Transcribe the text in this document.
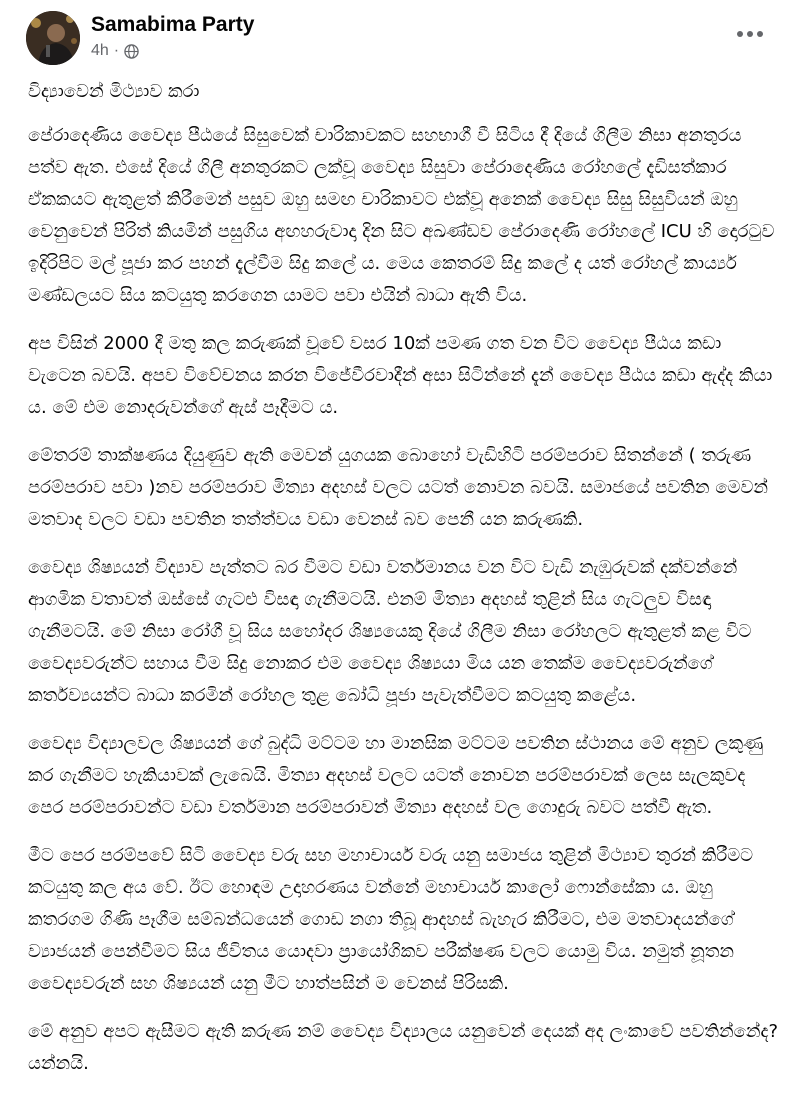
Samabima Party
4h ·

විද්‍යාවෙන් මිථ්‍යාව කරා

පේරාදෙණිය වෛද්‍ය පීඨයේ සිසුවෙක් චාරිකාවකට සහභාගී වී සිටිය දී දියේ ගිලීම නිසා අනතුරය පත්ව ඇත. එසේ දියේ ගිලී අනතුරකට ලක්වූ වෛද්‍ය සිසුවා පේරාදෙණිය රෝහලේ දැඩිසත්කාර ඒකකයට ඇතුළත් කිරීමෙන් පසුව ඔහු සමඟ චාරිකාවට එක්වූ අනෙක් වෛද්‍ය සිසු සිසුවියන් ඔහු වෙනුවෙන් පිරිත් කියමින් පසුගිය අඟහරුවාදා දින සිට අඛණ්ඩව පේරාදෙණි රෝහලේ ICU හි දොරටුව ඉදිරිපිට මල් පූජා කර පහන් දැල්වීම සිදු කලේ ය. මෙය කෙතරම් සිදු කලේ ද යත් රෝහල් කාර්ය්‍ය මණ්ඩලයට සිය කටයුතු කරගෙන යාමට පවා එයින් බාධා ඇති විය.

අප විසින් 2000 දී මතු කල කරුණක් වූවේ වසර 10ක් පමණ ගත වන විට වෛද්‍ය පීඨය කඩා වැටෙන බවයි. අපව විවේචනය කරන විජේවීරවාදීන් අසා සිටින්නේ දැන් වෛද්‍ය පීඨය කඩා ඇද්ද කියා ය. මේ එම නොදරුවන්ගේ ඇස් පෑදීමට ය.

මේතරම් තාක්ෂණය දියුණුව ඇති මෙවන් යුගයක බොහෝ වැඩිහිටි පරම්පරාව සිතන්නේ ( තරුණ පරම්පරාව පවා )නව පරම්පරාව මිත්‍යා අදහස් වලට යටත් නොවන බවයි. සමාජයේ පවතින මෙවන් මතවාද වලට වඩා පවතින තත්ත්වය වඩා වෙනස් බව පෙනී යන කරුණකි.

වෛද්‍ය ශිෂ්‍යයන් විද්‍යාව පැත්තට බර වීමට වඩා වර්තමානය වන විට වැඩි නැඹුරුවක් දක්වන්නේ ආගමික වතාවත් ඔස්සේ ගැටළු විසඳා ගැනීමටයි. එනම් මිත්‍යා අදහස් තුළින් සිය ගැටලුව විසඳා ගැනීමටයි. මේ නිසා රෝගී වූ සිය සහෝදර ශිෂ්‍යයෙකු දියේ ගිලීම නිසා රෝහලට ඇතුළත් කළ විට වෛද්‍යවරුන්ට සහාය වීම සිදු නොකර එම වෛද්‍ය ශිෂ්‍යයා මිය යන තෙක්ම වෛද්‍යවරුන්ගේ කර්තව්‍යයන්ට බාධා කරමින් රෝහල තුළ බෝධි පූජා පැවැත්වීමට කටයුතු කළේය.

වෛද්‍ය විද්‍යාලවල ශිෂ්‍යයන් ගේ බුද්ධි මට්ටම හා මානසික මට්ටම පවතින ස්ථානය මේ අනුව ලකුණු කර ගැනීමට හැකියාවක් ලැබෙයි. මිත්‍යා අදහස් වලට යටත් නොවන පරම්පරාවක් ලෙස සැලකුවද පෙර පරම්පරාවන්ට වඩා වර්තමාන පරම්පරාවන් මිත්‍යා අදහස් වල ගොදුරු බවට පත්වී ඇත.

මීට පෙර පරම්පවේ සිටි වෛද්‍ය වරු සහ මහාචාර්ය වරු යනු සමාජය තුළින් මිථ්‍යාව තුරන් කිරීමට කටයුතු කල අය වේ. ඊට හොඳම උදාහරණය වන්නේ මහාචාර්ය කාලෝ ෆොන්සේකා ය. ඔහු කතරගම ගිණි පෑගීම සම්බන්ධයෙන් ගොඩ නගා තිබූ ආදහස් බැහැර කිරීමට, එම මතවාදයන්ගේ ව්‍යාජයන් පෙන්වීමට සිය ජීවිතය යොදවා ප්‍රායෝගිකව පරීක්ෂණ වලට යොමු විය. නමුත් නූතන වෛද්‍යවරුන් සහ ශිෂ්‍යයන් යනු මීට හාත්පසින් ම වෙනස් පිරිසකි.

මේ අනුව අපට ඇසීමට ඇති කරුණ නම් වෛද්‍ය විද්‍යාලය යනුවෙන් දෙයක් අද ලංකාවේ පවතින්නේද? යන්නයි.
